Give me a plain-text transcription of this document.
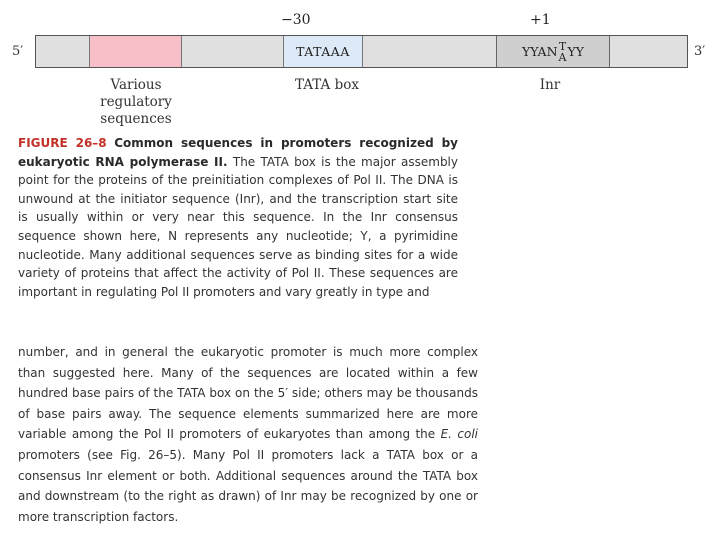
−30	+1
5′	3′
TATAAA	YYAN T
A YY
Various
regulatory
sequences
TATA box	Inr
FIGURE 26–8 Common sequences in promoters recognized by eukaryotic RNA polymerase II. The TATA box is the major assembly point for the proteins of the preinitiation complexes of Pol II. The DNA is unwound at the initiator sequence (Inr), and the transcription start site is usually within or very near this sequence. In the Inr consensus sequence shown here, N represents any nucleotide; Y, a pyrimidine nucleotide. Many additional sequences serve as binding sites for a wide variety of proteins that affect the activity of Pol II. These sequences are important in regulating Pol II promoters and vary greatly in type and
number, and in general the eukaryotic promoter is much more complex than suggested here. Many of the sequences are located within a few hundred base pairs of the TATA box on the 5′ side; others may be thousands of base pairs away. The sequence elements summarized here are more variable among the Pol II promoters of eukaryotes than among the E. coli promoters (see Fig. 26–5). Many Pol II promoters lack a TATA box or a consensus Inr element or both. Additional sequences around the TATA box and downstream (to the right as drawn) of Inr may be recognized by one or more transcription factors.
